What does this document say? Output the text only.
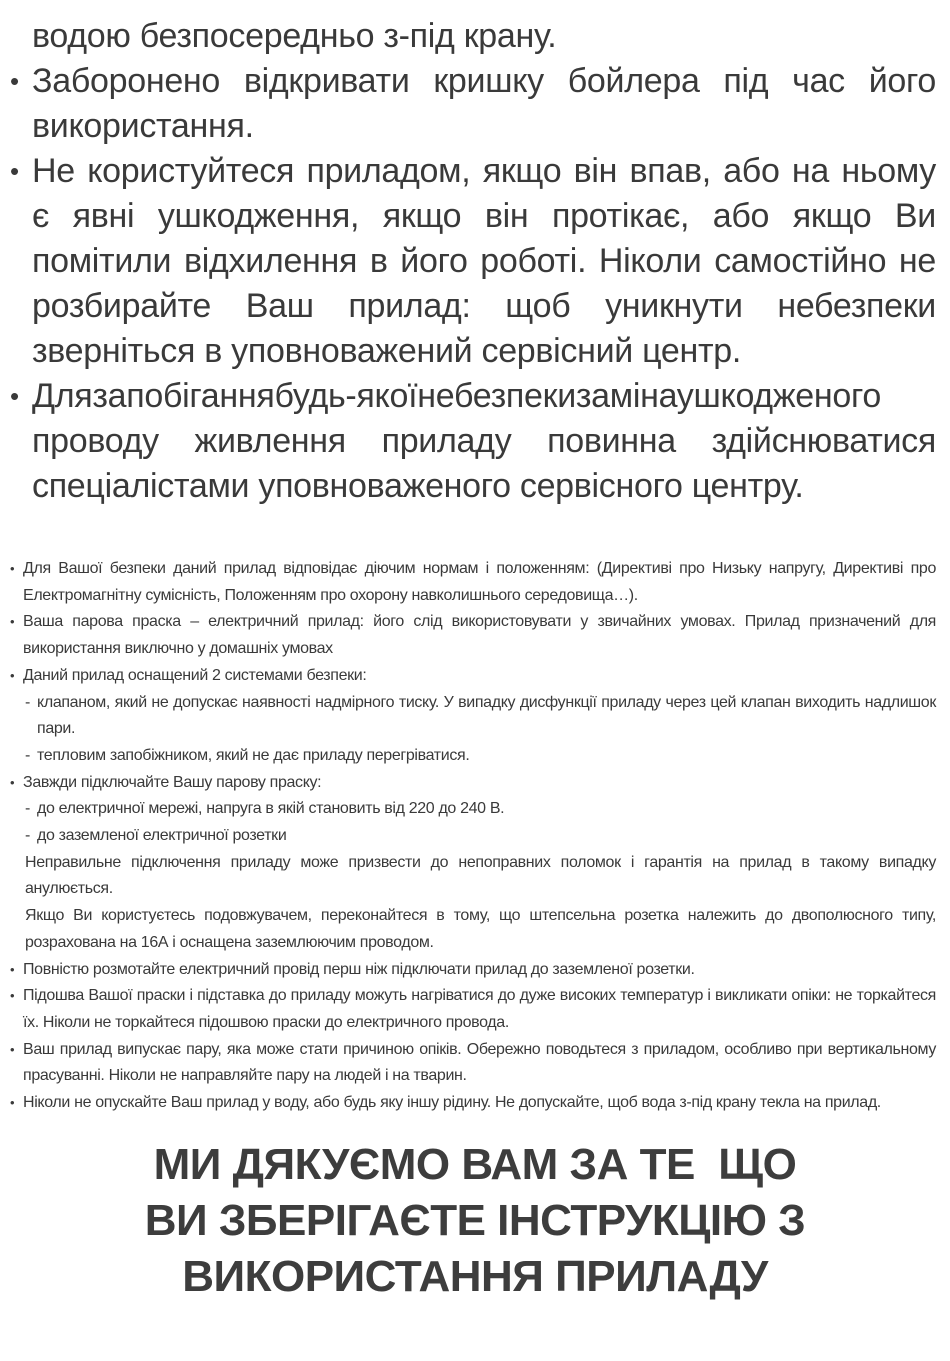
водою безпосередньо з-під крану.
• Заборонено відкривати кришку бойлера під час його використання.
• Не користуйтеся приладом, якщо він впав, або на ньому є явні ушкодження, якщо він протікає, або якщо Ви помітили відхилення в його роботі. Ніколи самостійно не розбирайте Ваш прилад: щоб уникнути небезпеки зверніться в уповноважений сервісний центр.
• Длязапобіганнябудь-якоїнебезпекизамінаушкодженого проводу живлення приладу повинна здійснюватися спеціалістами уповноваженого сервісного центру.
• Для Вашої безпеки даний прилад відповідає діючим нормам і положенням: (Директиві про Низьку напругу, Директиві про Електромагнітну сумісність, Положенням про охорону навколишнього середовища…).
• Ваша парова праска – електричний прилад: його слід використовувати у звичайних умовах. Прилад призначений для використання виключно у домашніх умовах
• Даний прилад оснащений 2 системами безпеки:
- клапаном, який не допускає наявності надмірного тиску. У випадку дисфункції приладу через цей клапан виходить надлишок пари.
- тепловим запобіжником, який не дає приладу перегріватися.
• Завжди підключайте Вашу парову праску:
- до електричної мережі, напруга в якій становить від 220 до 240 В.
- до заземленої електричної розетки
Неправильне підключення приладу може призвести до непоправних поломок і гарантія на прилад в такому випадку анулюється.
Якщо Ви користуєтесь подовжувачем, переконайтеся в тому, що штепсельна розетка належить до двополюсного типу, розрахована на 16А і оснащена заземлюючим проводом.
• Повністю розмотайте електричний провід перш ніж підключати прилад до заземленої розетки.
• Підошва Вашої праски і підставка до приладу можуть нагріватися до дуже високих температур і викликати опіки: не торкайтеся їх. Ніколи не торкайтеся підошвою праски до електричного провода.
• Ваш прилад випускає пару, яка може стати причиною опіків. Обережно поводьтеся з приладом, особливо при вертикальному прасуванні. Ніколи не направляйте пару на людей і на тварин.
• Ніколи не опускайте Ваш прилад у воду, або будь яку іншу рідину. Не допускайте, щоб вода з-під крану текла на прилад.
МИ ДЯКУЄМО ВАМ ЗА ТЕ  ЩО
ВИ ЗБЕРІГАЄТЕ ІНСТРУКЦІЮ З
ВИКОРИСТАННЯ ПРИЛАДУ
